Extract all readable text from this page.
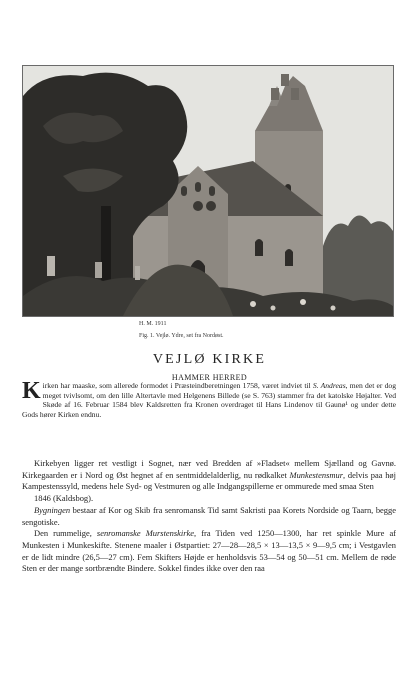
H. M. 1911
Fig. 1. Vejlø. Ydre, set fra Nordøst.
VEJLØ KIRKE
HAMMER HERRED
Kirken har maaske, som allerede formodet i Præsteindberetningen 1758, været indviet til S. Andreas, men det er dog meget tvivlsomt, om den lille Altertavle med Helgenens Billede (se S. 763) stammer fra det katolske Højalter. Ved Skøde af 16. Februar 1584 blev Kaldsretten fra Kronen overdraget til Hans Lindenov til Gaunø¹ og under dette Gods hører Kirken endnu.

Kirkebyen ligger ret vestligt i Sognet, nær ved Bredden af »Fladset« mellem Sjælland og Gavnø. Kirkegaarden er i Nord og Øst hegnet af en sentmiddelalderlig, nu rødkalket Munkestensmur, delvis paa høj Kampestenssyld, medens hele Syd- og Vestmuren og alle Indgangspillerne er ommurede med smaa Sten
1846 (Kaldsbog).

Bygningen bestaar af Kor og Skib fra senromansk Tid samt Sakristi paa Korets Nordside og Taarn, begge sengotiske.

Den rummelige, senromanske Murstenskirke, fra Tiden ved 1250—1300, har ret spinkle Mure af Munkesten i Munkeskifte. Stenene maaler i Østpartiet: 27—28—28,5 × 13—13,5 × 9—9,5 cm; i Vestgavlen er de lidt mindre (26,5—27 cm). Fem Skifters Højde er henholdsvis 53—54 og 50—51 cm. Mellem de røde Sten er der mange sortbrændte Bindere. Sokkel findes ikke over den raa
